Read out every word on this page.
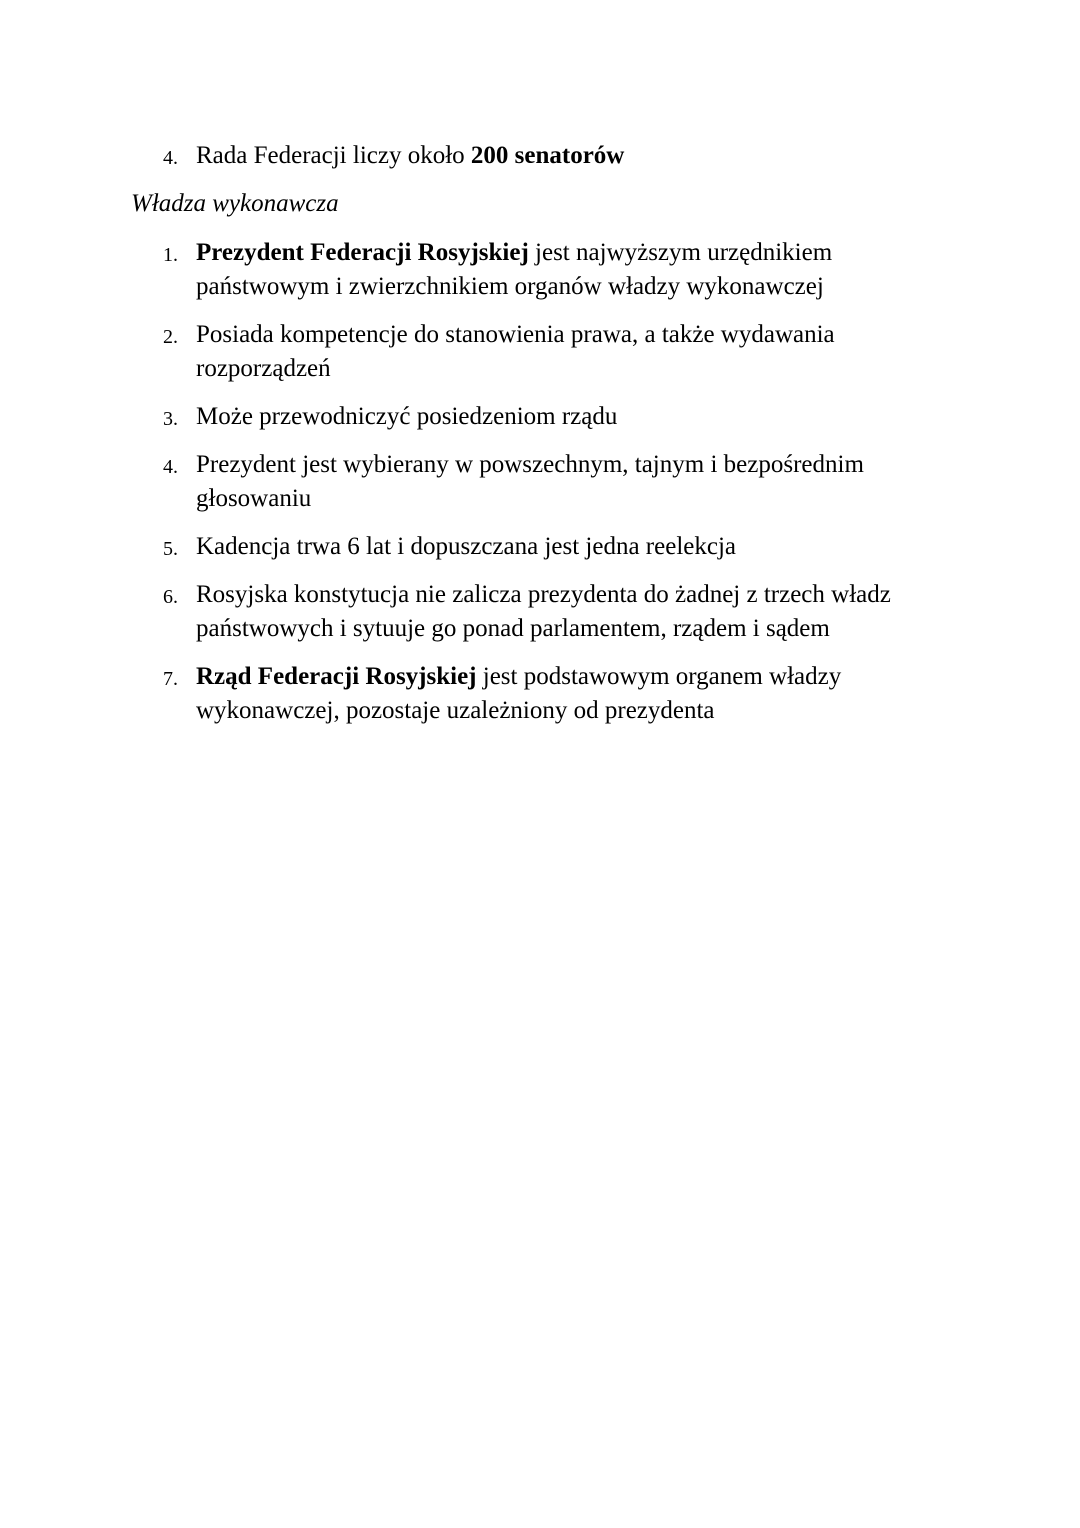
4. Rada Federacji liczy około 200 senatorów
Władza wykonawcza
1. Prezydent Federacji Rosyjskiej jest najwyższym urzędnikiem państwowym i zwierzchnikiem organów władzy wykonawczej
2. Posiada kompetencje do stanowienia prawa, a także wydawania rozporządzeń
3. Może przewodniczyć posiedzeniom rządu
4. Prezydent jest wybierany w powszechnym, tajnym i bezpośrednim głosowaniu
5. Kadencja trwa 6 lat i dopuszczana jest jedna reelekcja
6. Rosyjska konstytucja nie zalicza prezydenta do żadnej z trzech władz państwowych i sytuuje go ponad parlamentem, rządem i sądem
7. Rząd Federacji Rosyjskiej jest podstawowym organem władzy wykonawczej, pozostaje uzależniony od prezydenta
